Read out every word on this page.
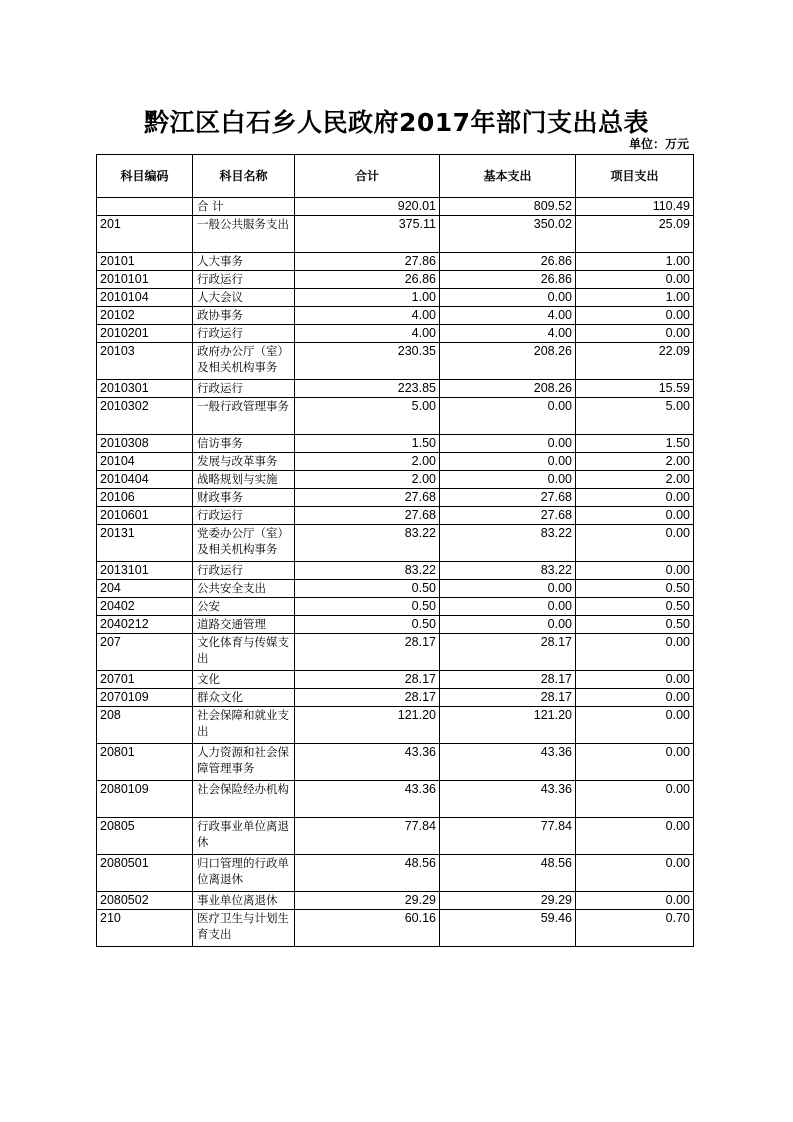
黔江区白石乡人民政府2017年部门支出总表
单位：万元
科目编码	科目名称	合计	基本支出	项目支出
	合 计	920.01	809.52	110.49
201	一般公共服务支出	375.11	350.02	25.09
20101	人大事务	27.86	26.86	1.00
2010101	行政运行	26.86	26.86	0.00
2010104	人大会议	1.00	0.00	1.00
20102	政协事务	4.00	4.00	0.00
2010201	行政运行	4.00	4.00	0.00
20103	政府办公厅（室）及相关机构事务	230.35	208.26	22.09
2010301	行政运行	223.85	208.26	15.59
2010302	一般行政管理事务	5.00	0.00	5.00
2010308	信访事务	1.50	0.00	1.50
20104	发展与改革事务	2.00	0.00	2.00
2010404	战略规划与实施	2.00	0.00	2.00
20106	财政事务	27.68	27.68	0.00
2010601	行政运行	27.68	27.68	0.00
20131	党委办公厅（室）及相关机构事务	83.22	83.22	0.00
2013101	行政运行	83.22	83.22	0.00
204	公共安全支出	0.50	0.00	0.50
20402	公安	0.50	0.00	0.50
2040212	道路交通管理	0.50	0.00	0.50
207	文化体育与传媒支出	28.17	28.17	0.00
20701	文化	28.17	28.17	0.00
2070109	群众文化	28.17	28.17	0.00
208	社会保障和就业支出	121.20	121.20	0.00
20801	人力资源和社会保障管理事务	43.36	43.36	0.00
2080109	社会保险经办机构	43.36	43.36	0.00
20805	行政事业单位离退休	77.84	77.84	0.00
2080501	归口管理的行政单位离退休	48.56	48.56	0.00
2080502	事业单位离退休	29.29	29.29	0.00
210	医疗卫生与计划生育支出	60.16	59.46	0.70
